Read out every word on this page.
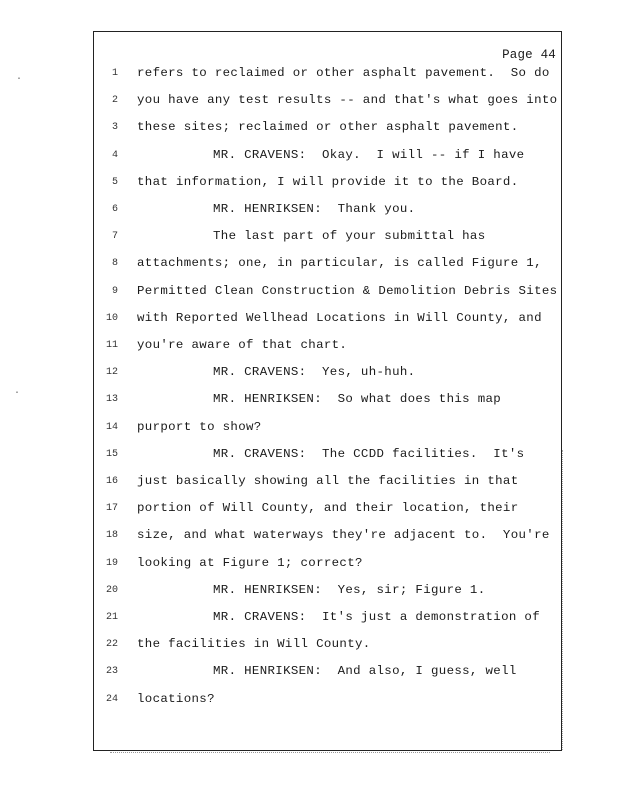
Page 44
·
·
1 refers to reclaimed or other asphalt pavement.  So do
2 you have any test results -- and that's what goes into
3 these sites; reclaimed or other asphalt pavement.
4	MR. CRAVENS:  Okay.  I will -- if I have
5 that information, I will provide it to the Board.
6	MR. HENRIKSEN:  Thank you.
7	The last part of your submittal has
8 attachments; one, in particular, is called Figure 1,
9 Permitted Clean Construction & Demolition Debris Sites
10 with Reported Wellhead Locations in Will County, and
11 you're aware of that chart.
12	MR. CRAVENS:  Yes, uh-huh.
13	MR. HENRIKSEN:  So what does this map
14 purport to show?
15	MR. CRAVENS:  The CCDD facilities.  It's
16 just basically showing all the facilities in that
17 portion of Will County, and their location, their
18 size, and what waterways they're adjacent to.  You're
19 looking at Figure 1; correct?
20	MR. HENRIKSEN:  Yes, sir; Figure 1.
21	MR. CRAVENS:  It's just a demonstration of
22 the facilities in Will County.
23	MR. HENRIKSEN:  And also, I guess, well
24 locations?
